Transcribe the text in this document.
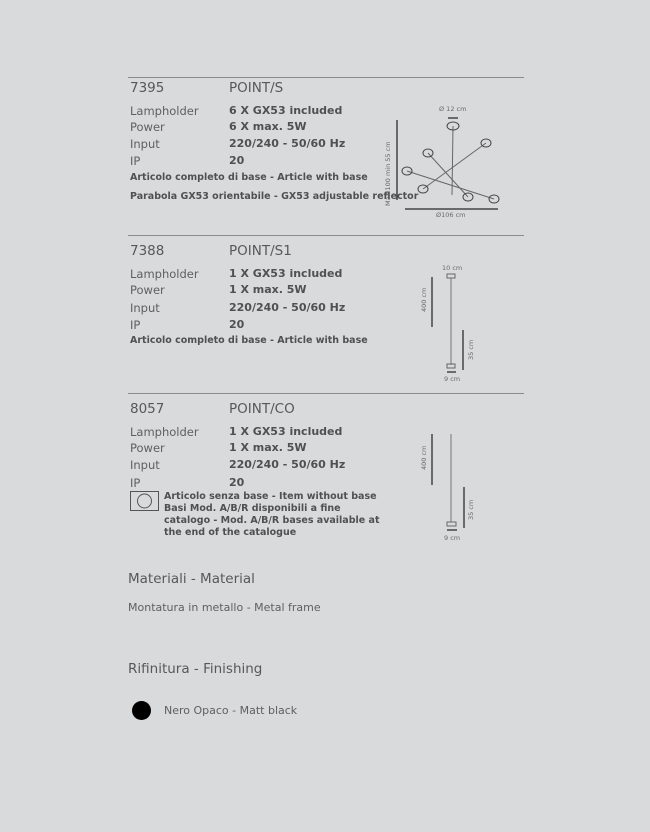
7395	POINT/S
Lampholder	6 X GX53 included
Power	6 X max. 5W
Input	220/240 - 50/60 Hz
IP	20
Articolo completo di base - Article with base
Parabola GX53 orientabile - GX53 adjustable reflector
Ø 12 cm
Max 100 min 55 cm
Ø106 cm
7388	POINT/S1
Lampholder	1 X GX53 included
Power	1 X max. 5W
Input	220/240 - 50/60 Hz
IP	20
Articolo completo di base - Article with base
10 cm
400 cm
35 cm
9 cm
8057	POINT/CO
Lampholder	1 X GX53 included
Power	1 X max. 5W
Input	220/240 - 50/60 Hz
IP	20
Articolo senza base - Item without base
Basi Mod. A/B/R disponibili a fine catalogo - Mod. A/B/R bases available at the end of the catalogue
400 cm
35 cm
9 cm
Materiali - Material
Montatura in metallo - Metal frame
Rifinitura - Finishing
Nero Opaco - Matt black
